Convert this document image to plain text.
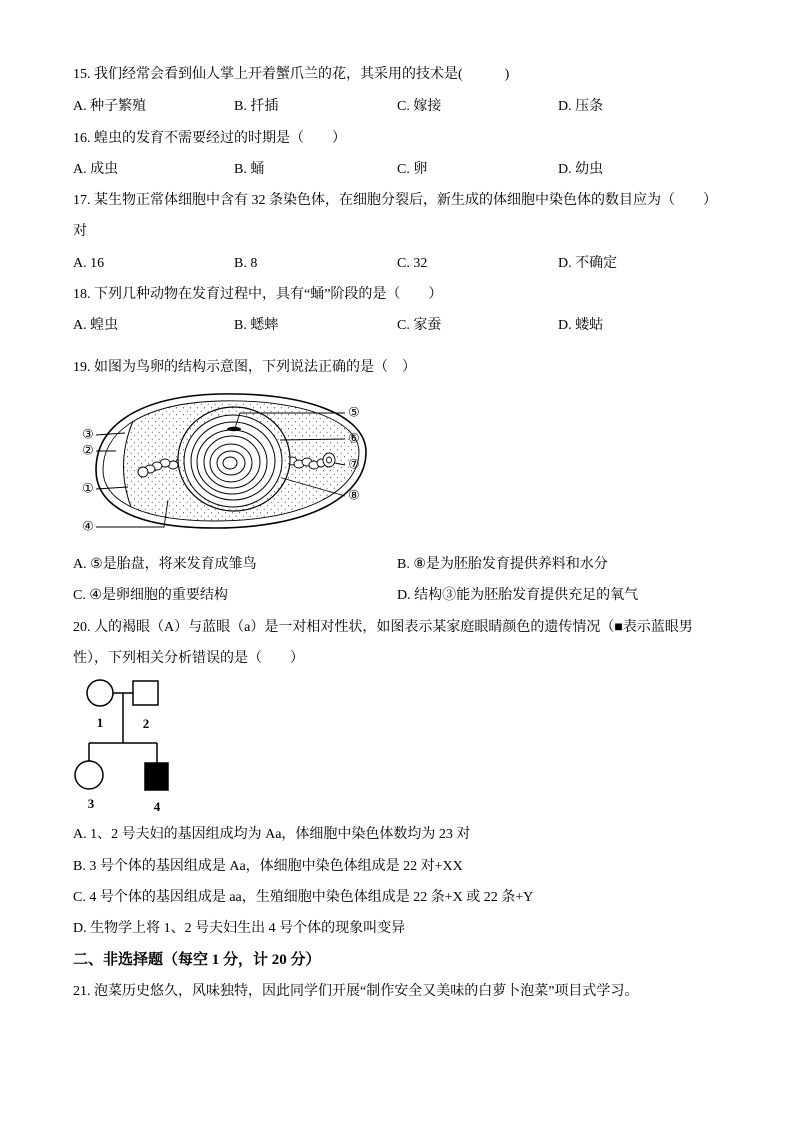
15. 我们经常会看到仙人掌上开着蟹爪兰的花，其采用的技术是(　　　)
A. 种子繁殖	B. 扦插	C. 嫁接	D. 压条
16. 蝗虫的发育不需要经过的时期是（　　）
A. 成虫	B. 蛹	C. 卵	D. 幼虫
17. 某生物正常体细胞中含有 32 条染色体，在细胞分裂后，新生成的体细胞中染色体的数目应为（　　）
对
A. 16	B. 8	C. 32	D. 不确定
18. 下列几种动物在发育过程中，具有“蛹”阶段的是（　　）
A. 蝗虫	B. 蟋蟀	C. 家蚕	D. 蝼蛄
19. 如图为鸟卵的结构示意图，下列说法正确的是（　）
①
②
③
④
⑤
⑥
⑦
⑧
A. ⑤是胎盘，将来发育成雏鸟	B. ⑧是为胚胎发育提供养料和水分
C. ④是卵细胞的重要结构	D. 结构③能为胚胎发育提供充足的氧气
20. 人的褐眼（A）与蓝眼（a）是一对相对性状，如图表示某家庭眼睛颜色的遗传情况（■表示蓝眼男
性），下列相关分析错误的是（　　）
1	2
3	4
A. 1、2 号夫妇的基因组成均为 Aa，体细胞中染色体数均为 23 对
B. 3 号个体的基因组成是 Aa，体细胞中染色体组成是 22 对+XX
C. 4 号个体的基因组成是 aa，生殖细胞中染色体组成是 22 条+X 或 22 条+Y
D. 生物学上将 1、2 号夫妇生出 4 号个体的现象叫变异
二、非选择题（每空 1 分，计 20 分）
21. 泡菜历史悠久，风味独特，因此同学们开展“制作安全又美味的白萝卜泡菜”项目式学习。
